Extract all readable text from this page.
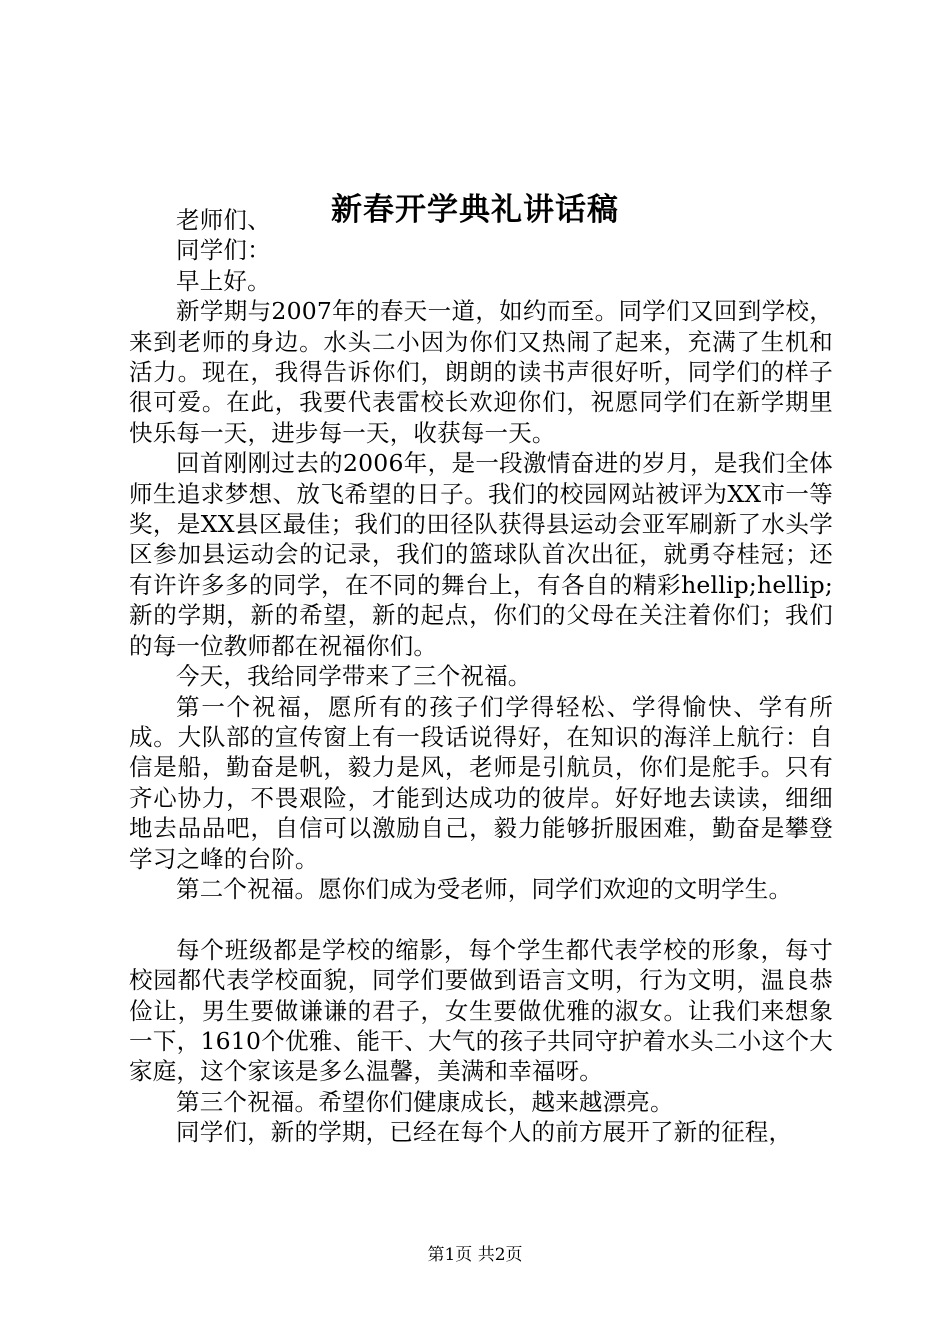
新春开学典礼讲话稿

老师们、

同学们：

早上好。

新学期与2007年的春天一道，如约而至。同学们又回到学校，来到老师的身边。水头二小因为你们又热闹了起来，充满了生机和活力。现在，我得告诉你们，朗朗的读书声很好听，同学们的样子很可爱。在此，我要代表雷校长欢迎你们，祝愿同学们在新学期里快乐每一天，进步每一天，收获每一天。

回首刚刚过去的2006年，是一段激情奋进的岁月，是我们全体师生追求梦想、放飞希望的日子。我们的校园网站被评为XX市一等奖，是XX县区最佳；我们的田径队获得县运动会亚军刷新了水头学区参加县运动会的记录，我们的篮球队首次出征，就勇夺桂冠；还有许许多多的同学，在不同的舞台上，有各自的精彩hellip;hellip;新的学期，新的希望，新的起点，你们的父母在关注着你们；我们的每一位教师都在祝福你们。

今天，我给同学带来了三个祝福。

第一个祝福，愿所有的孩子们学得轻松、学得愉快、学有所成。大队部的宣传窗上有一段话说得好，在知识的海洋上航行：自信是船，勤奋是帆，毅力是风，老师是引航员，你们是舵手。只有齐心协力，不畏艰险，才能到达成功的彼岸。好好地去读读，细细地去品品吧，自信可以激励自己，毅力能够折服困难，勤奋是攀登学习之峰的台阶。

第二个祝福。愿你们成为受老师，同学们欢迎的文明学生。

每个班级都是学校的缩影，每个学生都代表学校的形象，每寸校园都代表学校面貌，同学们要做到语言文明，行为文明，温良恭俭让，男生要做谦谦的君子，女生要做优雅的淑女。让我们来想象一下，1610个优雅、能干、大气的孩子共同守护着水头二小这个大家庭，这个家该是多么温馨，美满和幸福呀。

第三个祝福。希望你们健康成长，越来越漂亮。

同学们，新的学期，已经在每个人的前方展开了新的征程，

第1页 共2页
